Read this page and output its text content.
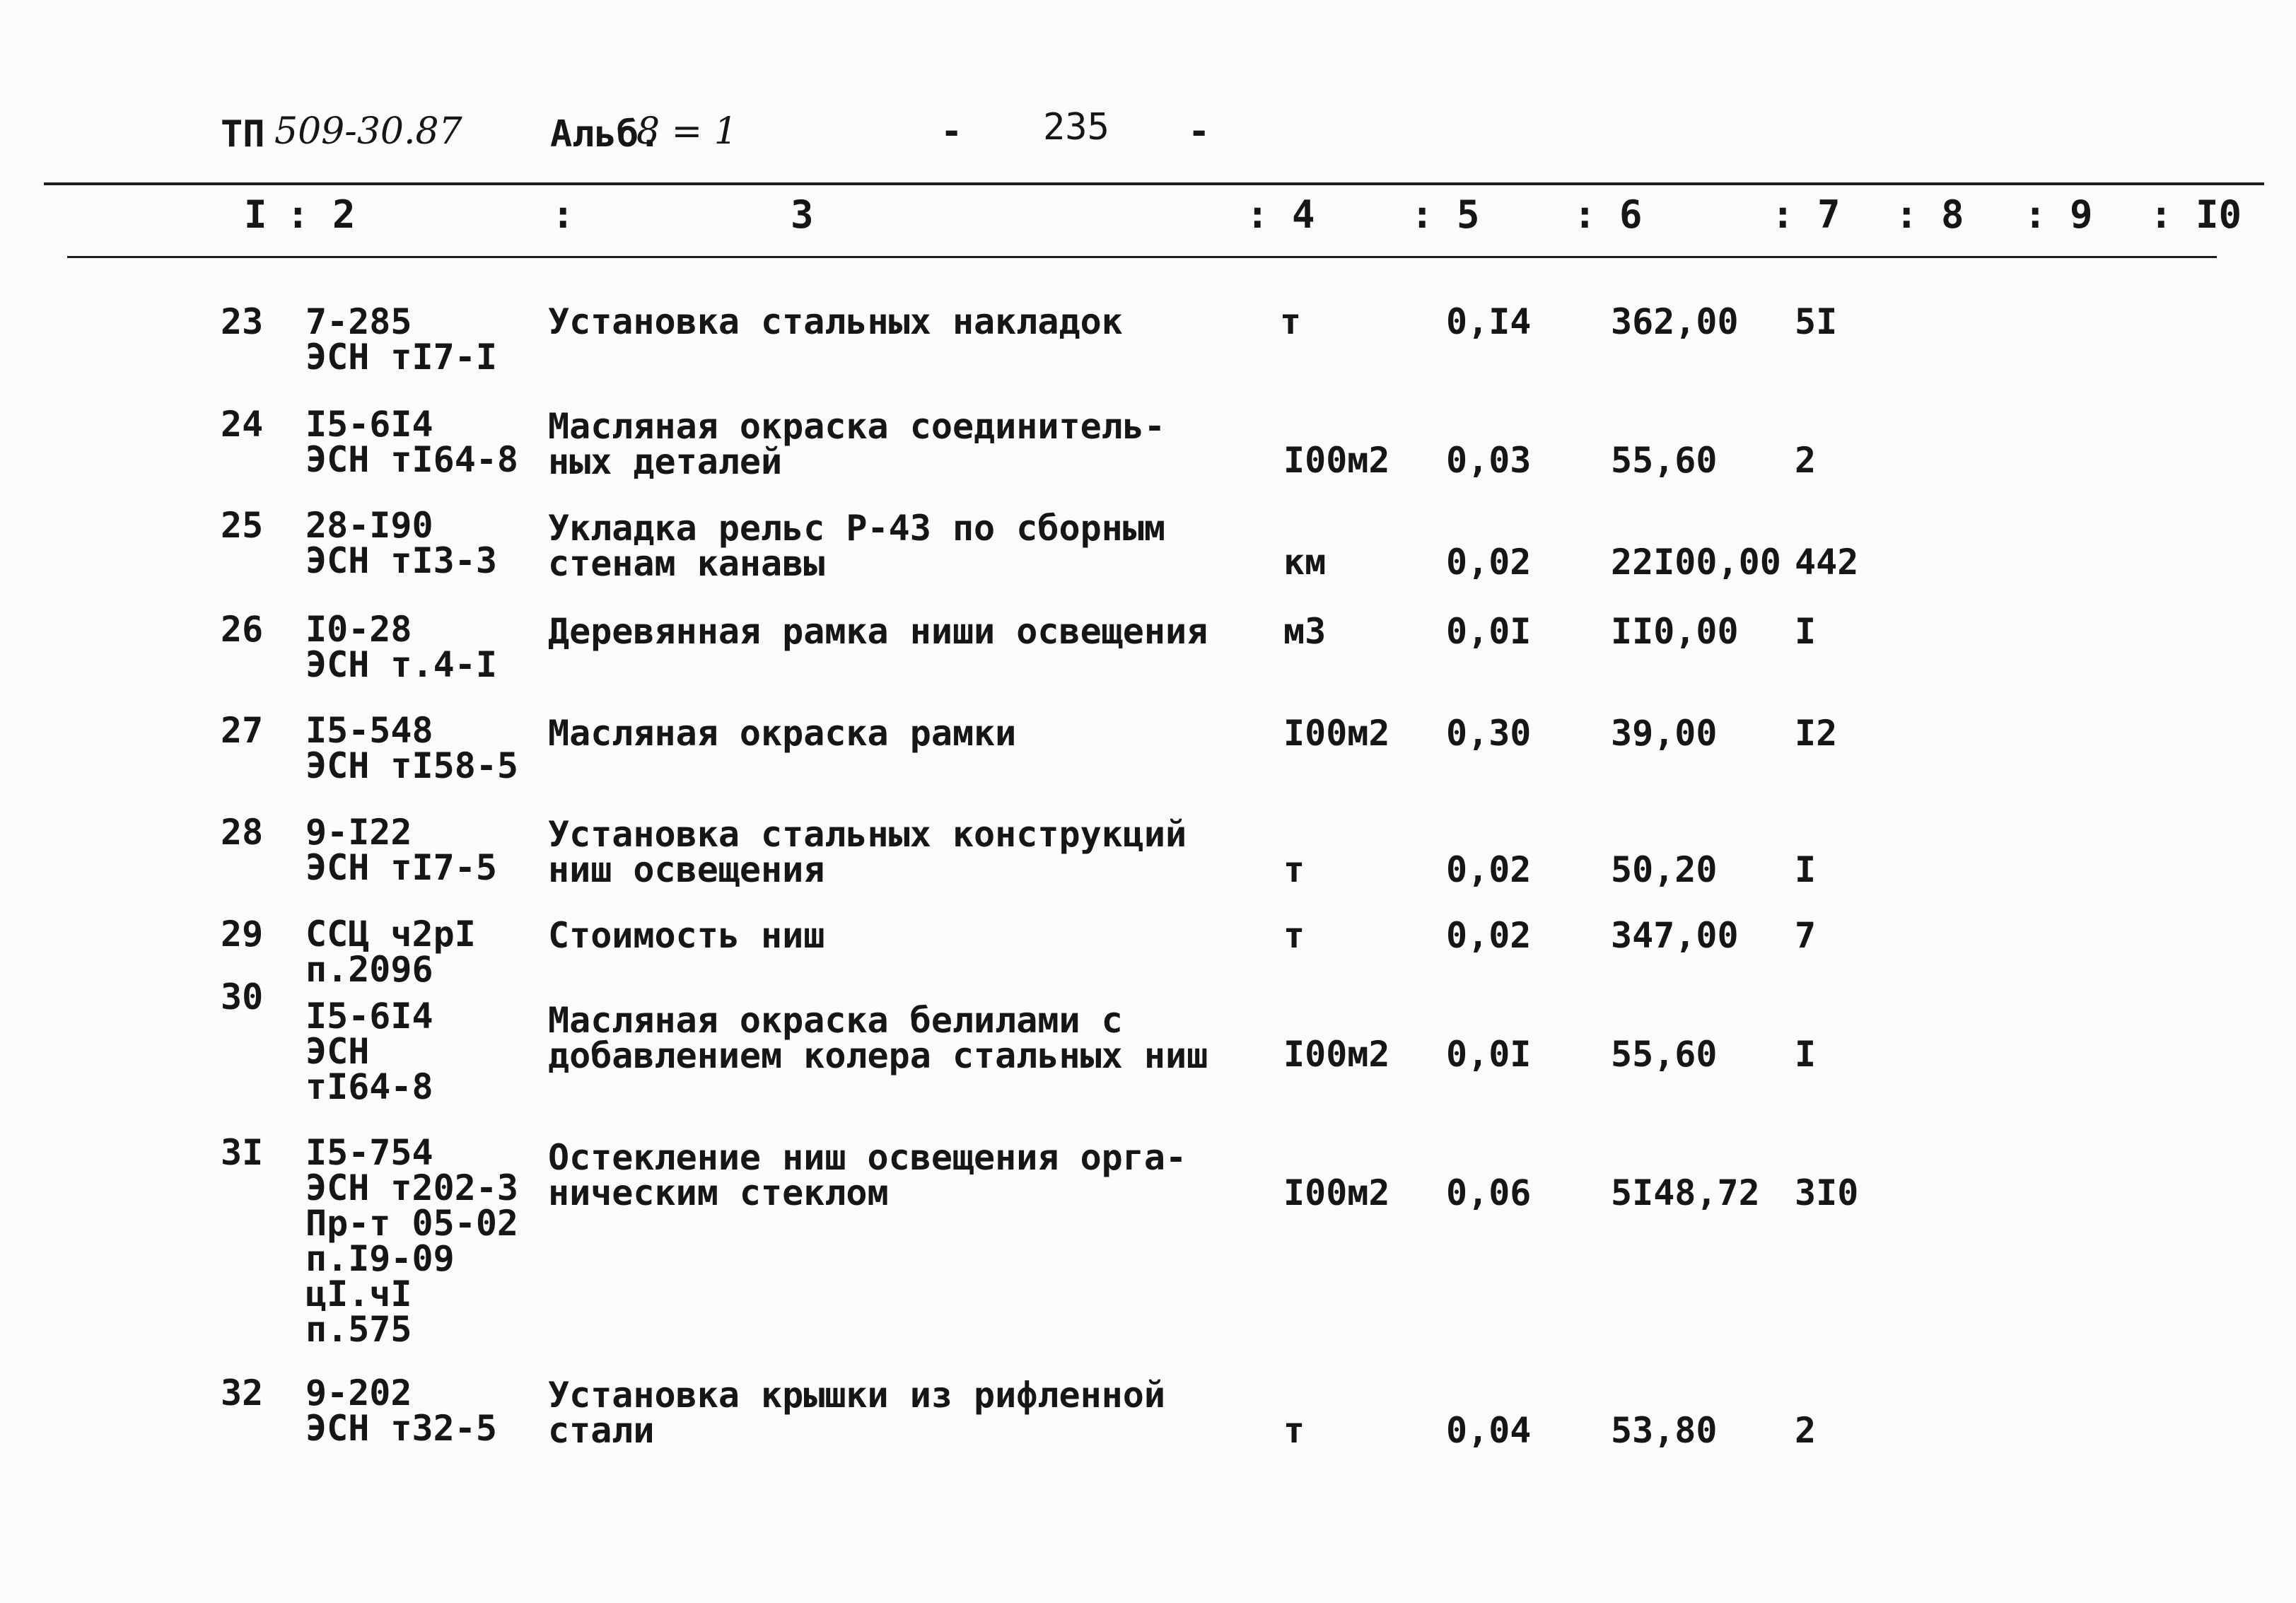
ТП 509-30.87 Альб.
8 = 1	- 235 -
I : 2	:	3	: 4	: 5 : 6	: 7 : 8 : 9 : I0
23 7-285
ЭСН тI7-I
Установка стальных накладок	т	0,I4 362,00 5I
24 I5-6I4
ЭСН тI64-8
Масляная окраска соединитель-
ных деталей	I00м2 0,03 55,60 2
25 28-I90
ЭСН тI3-3
Укладка рельс Р-43 по сборным
стенам канавы	км	0,02 22I00,00 442
26 I0-28
ЭСН т.4-I
Деревянная рамка ниши освещения м3	0,0I II0,00 I
27 I5-548
ЭСН тI58-5
Масляная окраска рамки	I00м2 0,30 39,00 I2
28 9-I22
ЭСН тI7-5
Установка стальных конструкций
ниш освещения	т	0,02 50,20 I
29 ССЦ ч2рI
п.2096
Стоимость ниш	т	0,02 347,00 7
30 I5-6I4
ЭСН
тI64-8
Масляная окраска белилами с
добавлением колера стальных ниш I00м2 0,0I 55,60 I
3I I5-754
ЭСН т202-3
Пр-т 05-02
п.I9-09
цI.чI
п.575
Остекление ниш освещения орга-
ническим стеклом	I00м2 0,06 5I48,72 3I0
32 9-202
ЭСН т32-5
Установка крышки из рифленной
стали	т	0,04 53,80 2
